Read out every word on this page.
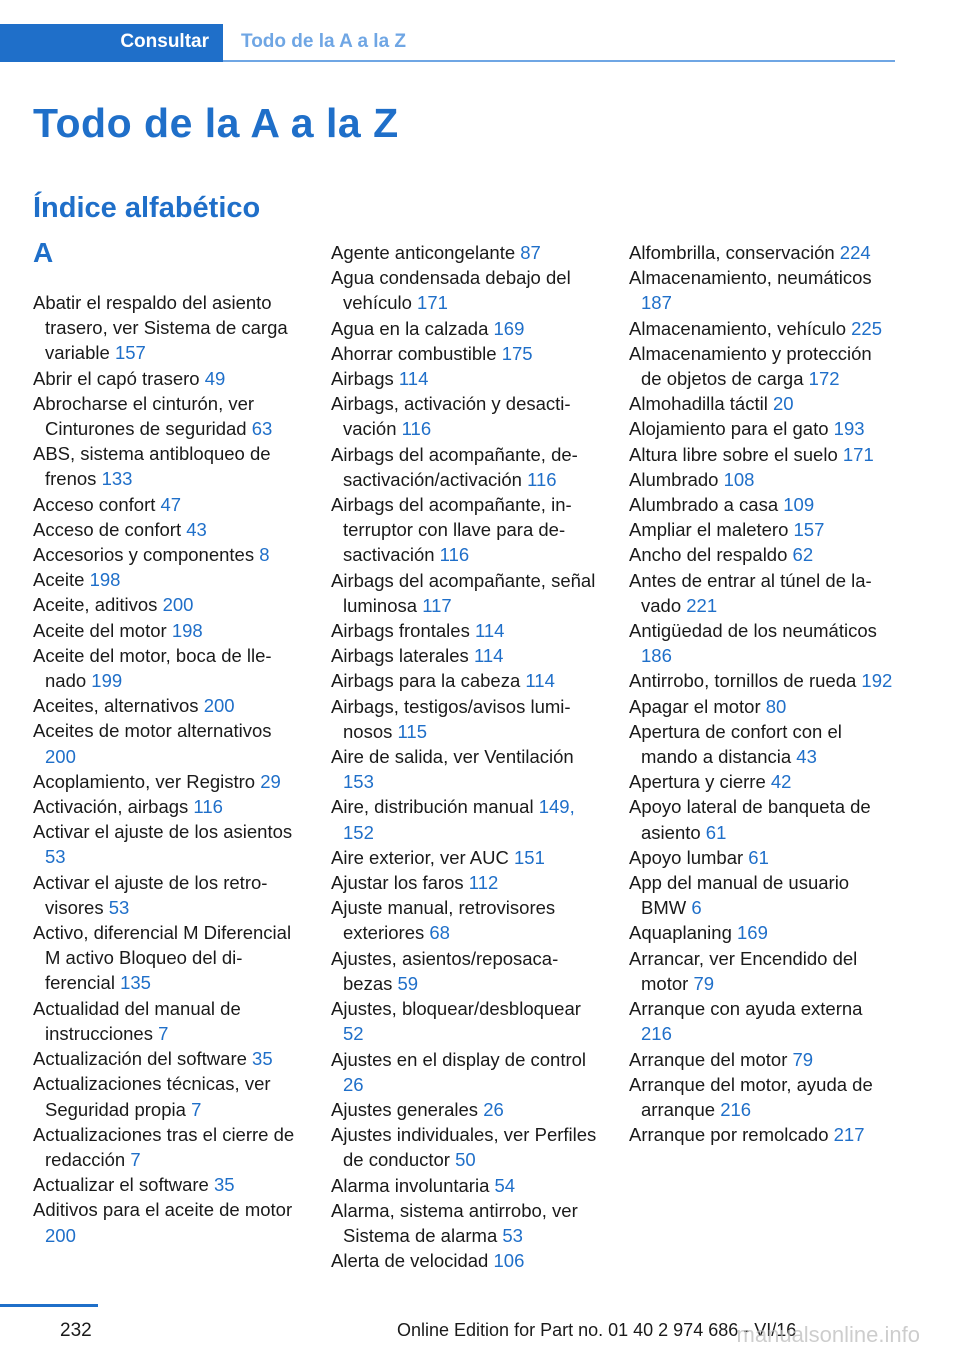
Consultar Todo de la A a la Z
Todo de la A a la Z
Índice alfabético
A
Abatir el respaldo del asiento trasero, ver Sistema de carga variable 157
Abrir el capó trasero 49
Abrocharse el cinturón, ver Cinturones de seguridad 63
ABS, sistema antibloqueo de frenos 133
Acceso confort 47
Acceso de confort 43
Accesorios y componentes 8
Aceite 198
Aceite, aditivos 200
Aceite del motor 198
Aceite del motor, boca de llenado 199
Aceites, alternativos 200
Aceites de motor alternativos 200
Acoplamiento, ver Registro 29
Activación, airbags 116
Activar el ajuste de los asientos 53
Activar el ajuste de los retrovisores 53
Activo, diferencial M Diferencial M activo Bloqueo del diferencial 135
Actualidad del manual de instrucciones 7
Actualización del software 35
Actualizaciones técnicas, ver Seguridad propia 7
Actualizaciones tras el cierre de redacción 7
Actualizar el software 35
Aditivos para el aceite de motor 200
Agente anticongelante 87
Agua condensada debajo del vehículo 171
Agua en la calzada 169
Ahorrar combustible 175
Airbags 114
Airbags, activación y desactivación 116
Airbags del acompañante, desactivación/activación 116
Airbags del acompañante, interruptor con llave para desactivación 116
Airbags del acompañante, señal luminosa 117
Airbags frontales 114
Airbags laterales 114
Airbags para la cabeza 114
Airbags, testigos/avisos luminosos 115
Aire de salida, ver Ventilación 153
Aire, distribución manual 149, 152
Aire exterior, ver AUC 151
Ajustar los faros 112
Ajuste manual, retrovisores exteriores 68
Ajustes, asientos/reposacabezas 59
Ajustes, bloquear/desbloquear 52
Ajustes en el display de control 26
Ajustes generales 26
Ajustes individuales, ver Perfiles de conductor 50
Alarma involuntaria 54
Alarma, sistema antirrobo, ver Sistema de alarma 53
Alerta de velocidad 106
Alfombrilla, conservación 224
Almacenamiento, neumáticos 187
Almacenamiento, vehículo 225
Almacenamiento y protección de objetos de carga 172
Almohadilla táctil 20
Alojamiento para el gato 193
Altura libre sobre el suelo 171
Alumbrado 108
Alumbrado a casa 109
Ampliar el maletero 157
Ancho del respaldo 62
Antes de entrar al túnel de lavado 221
Antigüedad de los neumáticos 186
Antirrobo, tornillos de rueda 192
Apagar el motor 80
Apertura de confort con el mando a distancia 43
Apertura y cierre 42
Apoyo lateral de banqueta de asiento 61
Apoyo lumbar 61
App del manual de usuario BMW 6
Aquaplaning 169
Arrancar, ver Encendido del motor 79
Arranque con ayuda externa 216
Arranque del motor 79
Arranque del motor, ayuda de arranque 216
Arranque por remolcado 217
232	Online Edition for Part no. 01 40 2 974 686 - VI/16
manualsonline.info
